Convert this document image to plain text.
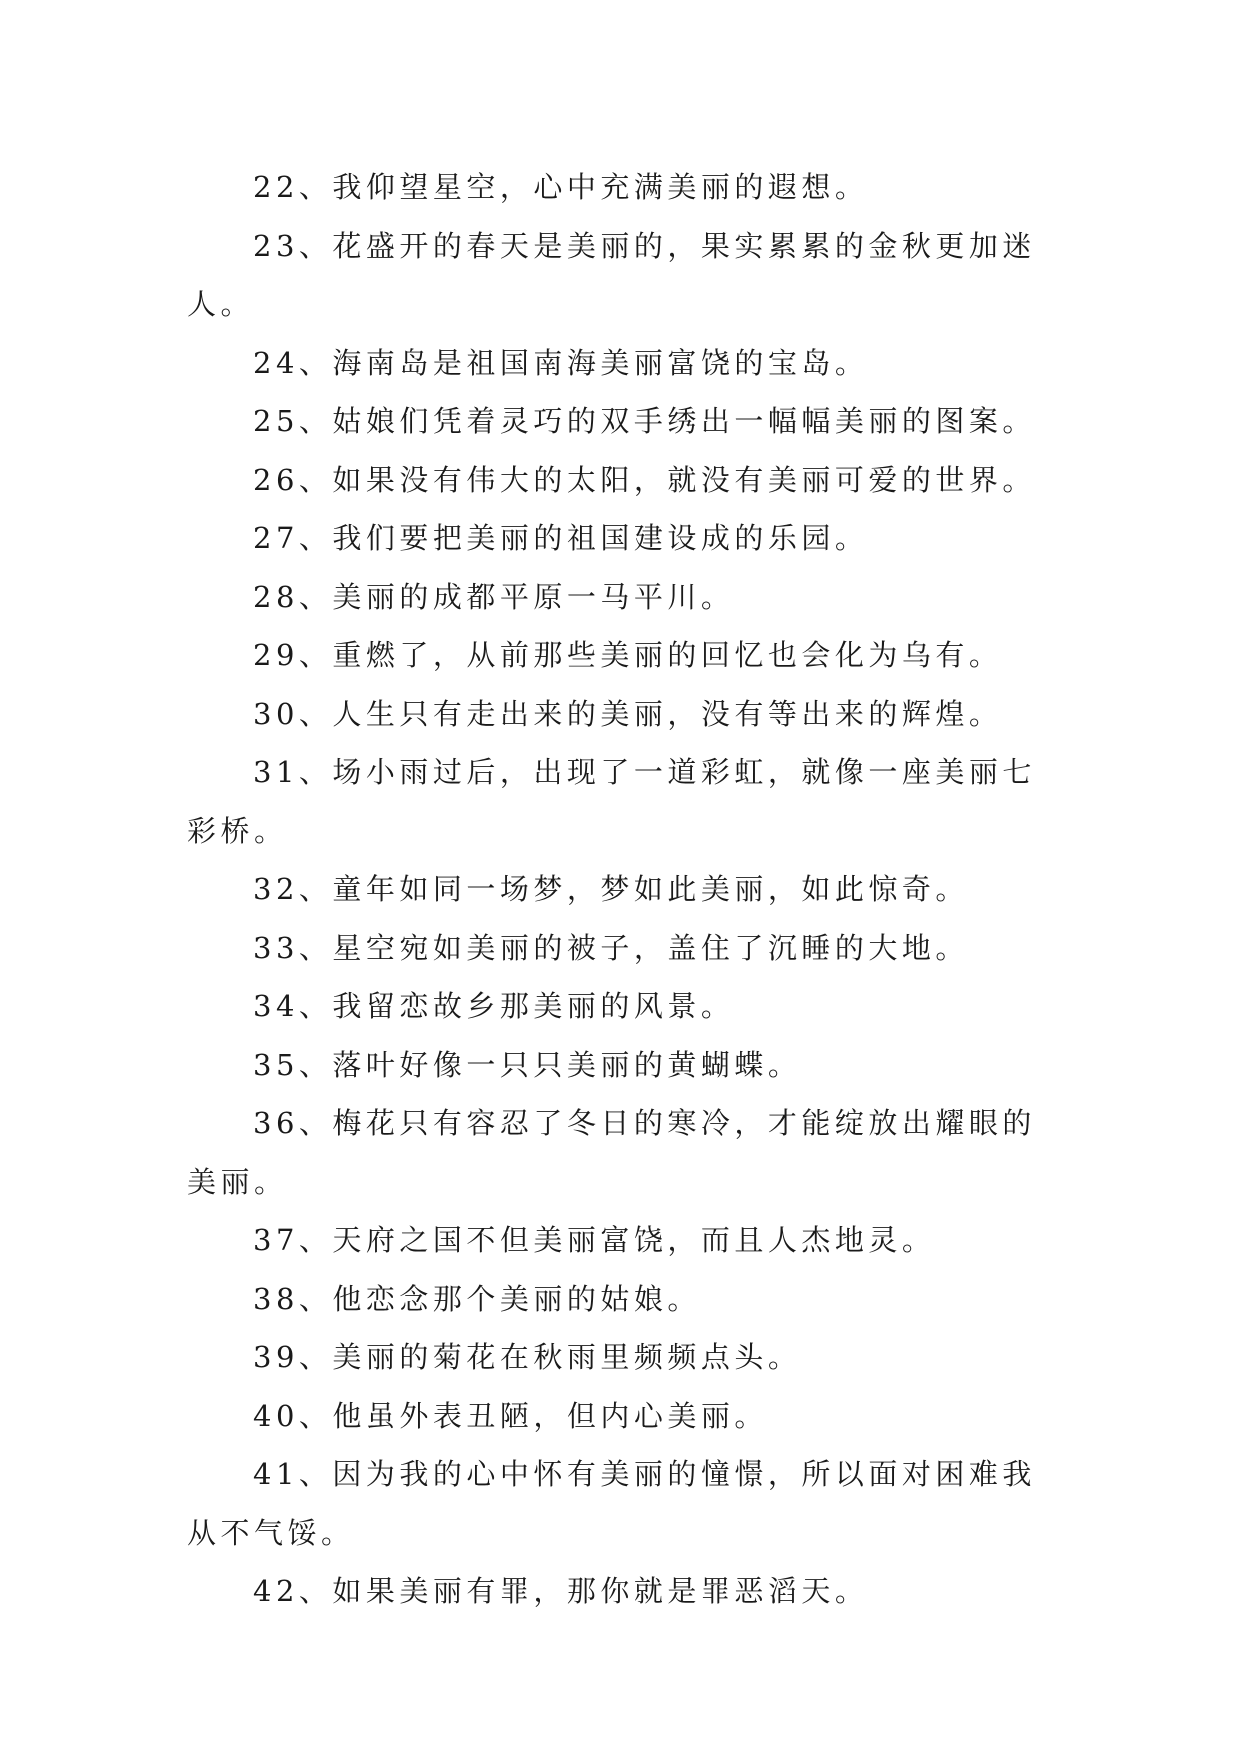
22、我仰望星空，心中充满美丽的遐想。

23、花盛开的春天是美丽的，果实累累的金秋更加迷人。

24、海南岛是祖国南海美丽富饶的宝岛。

25、姑娘们凭着灵巧的双手绣出一幅幅美丽的图案。

26、如果没有伟大的太阳，就没有美丽可爱的世界。

27、我们要把美丽的祖国建设成的乐园。

28、美丽的成都平原一马平川。

29、重燃了，从前那些美丽的回忆也会化为乌有。

30、人生只有走出来的美丽，没有等出来的辉煌。

31、场小雨过后，出现了一道彩虹，就像一座美丽七彩桥。

32、童年如同一场梦，梦如此美丽，如此惊奇。

33、星空宛如美丽的被子，盖住了沉睡的大地。

34、我留恋故乡那美丽的风景。

35、落叶好像一只只美丽的黄蝴蝶。

36、梅花只有容忍了冬日的寒冷，才能绽放出耀眼的美丽。

37、天府之国不但美丽富饶，而且人杰地灵。

38、他恋念那个美丽的姑娘。

39、美丽的菊花在秋雨里频频点头。

40、他虽外表丑陋，但内心美丽。

41、因为我的心中怀有美丽的憧憬，所以面对困难我从不气馁。

42、如果美丽有罪，那你就是罪恶滔天。
